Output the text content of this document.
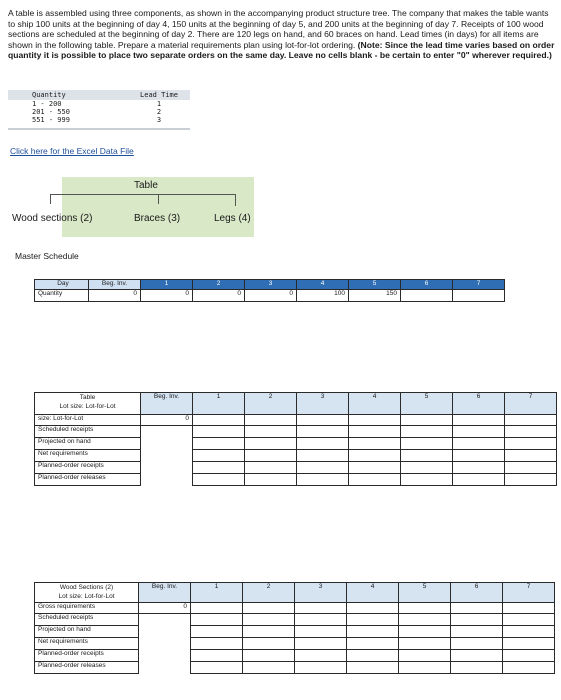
A table is assembled using three components, as shown in the accompanying product structure tree. The company that makes the table wants to ship 100 units at the beginning of day 4, 150 units at the beginning of day 5, and 200 units at the beginning of day 7. Receipts of 100 wood sections are scheduled at the beginning of day 2. There are 120 legs on hand, and 60 braces on hand. Lead times (in days) for all items are shown in the following table. Prepare a material requirements plan using lot-for-lot ordering. (Note: Since the lead time varies based on order quantity it is possible to place two separate orders on the same day. Leave no cells blank - be certain to enter "0" wherever required.)
Quantity	Lead Time
1 - 200	1
201 - 550	2
551 - 999	3
Click here for the Excel Data File
Table
Wood sections (2)	Braces (3)	Legs (4)
Master Schedule
Day	Beg. Inv.	1	2	3	4	5	6	7
Quantity	0	0	0	0	100	150
Table
Lot size: Lot-for-Lot
Beg. Inv.	1	2	3	4	5	6	7
size: Lot-for-Lot	0
Scheduled receipts
Projected on hand
Net requirements
Planned-order receipts
Planned-order releases
Wood Sections (2)
Lot size: Lot-for-Lot
Beg. Inv.	1	2	3	4	5	6	7
Gross requirements	0
Scheduled receipts
Projected on hand
Net requirements
Planned-order receipts
Planned-order releases
